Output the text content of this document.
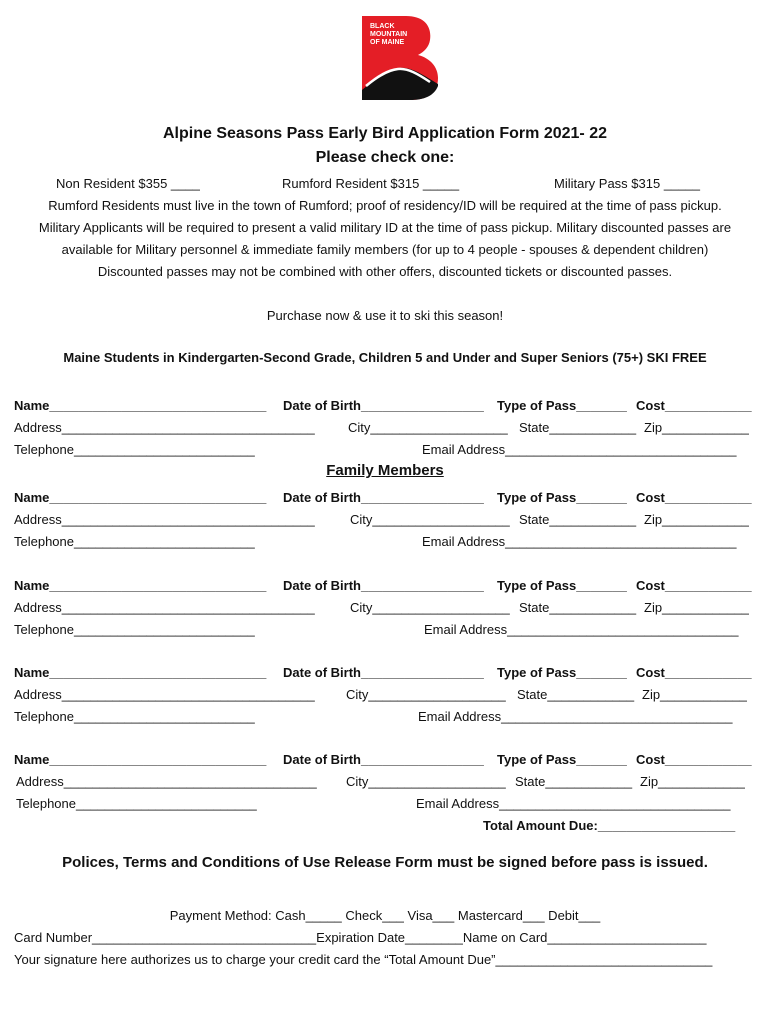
BLACK
MOUNTAIN
OF MAINE
Alpine Seasons Pass Early Bird Application Form 2021- 22
Please check one:
Non Resident $355 ____	Rumford Resident $315 _____	Military Pass $315 _____
Rumford Residents must live in the town of Rumford; proof of residency/ID will be required at the time of pass pickup.
Military Applicants will be required to present a valid military ID at the time of pass pickup. Military discounted passes are
available for Military personnel & immediate family members (for up to 4 people - spouses & dependent children)
Discounted passes may not be combined with other offers, discounted tickets or discounted passes.
Purchase now & use it to ski this season!
Maine Students in Kindergarten-Second Grade, Children 5 and Under and Super Seniors (75+) SKI FREE
Name______________________________ Date of Birth_________________ Type of Pass_______ Cost____________
Address___________________________________	City___________________ State____________ Zip____________
Telephone_________________________	Email Address________________________________
Family Members
Name______________________________ Date of Birth_________________ Type of Pass_______ Cost____________
Address___________________________________	City___________________ State____________ Zip____________
Telephone_________________________	Email Address________________________________
Name______________________________ Date of Birth_________________ Type of Pass_______ Cost____________
Address___________________________________	City___________________ State____________ Zip____________
Telephone_________________________	Email Address________________________________
Name______________________________ Date of Birth_________________ Type of Pass_______ Cost____________
Address___________________________________ City___________________ State____________ Zip____________
Telephone_________________________	Email Address________________________________
Name______________________________ Date of Birth_________________ Type of Pass_______ Cost____________
Address___________________________________ City___________________ State____________ Zip____________
Telephone_________________________	Email Address________________________________
Total Amount Due:___________________
Polices, Terms and Conditions of Use Release Form must be signed before pass is issued.
Payment Method: Cash_____ Check___ Visa___ Mastercard___ Debit___
Card Number_______________________________Expiration Date________Name on Card______________________
Your signature here authorizes us to charge your credit card the “Total Amount Due”______________________________
